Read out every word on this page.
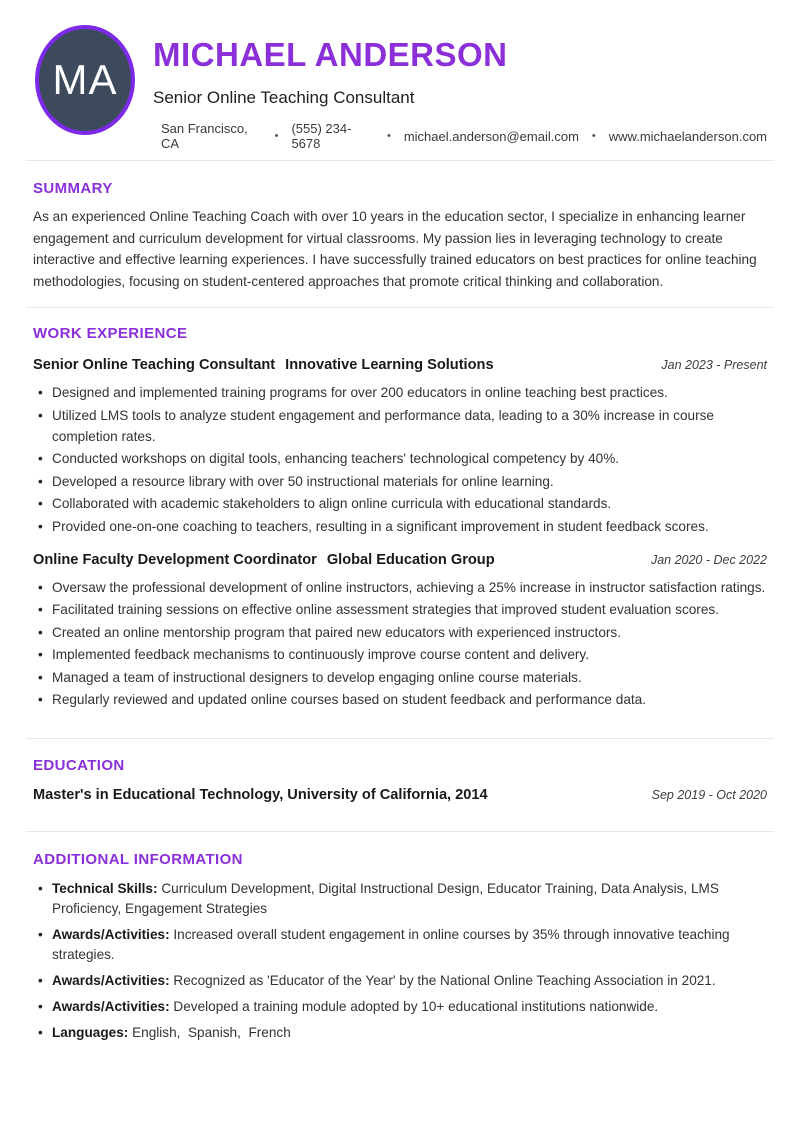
MA
MICHAEL ANDERSON
Senior Online Teaching Consultant
San Francisco, CA	• (555) 234-5678	• michael.anderson@email.com • www.michaelanderson.com
SUMMARY

As an experienced Online Teaching Coach with over 10 years in the education sector, I specialize in enhancing learner engagement and curriculum development for virtual classrooms. My passion lies in leveraging technology to create interactive and effective learning experiences. I have successfully trained educators on best practices for online teaching methodologies, focusing on student-centered approaches that promote critical thinking and collaboration.

WORK EXPERIENCE
Senior Online Teaching Consultant Innovative Learning Solutions	Jan 2023 - Present
• Designed and implemented training programs for over 200 educators in online teaching best practices.
• Utilized LMS tools to analyze student engagement and performance data, leading to a 30% increase in course completion rates.
• Conducted workshops on digital tools, enhancing teachers' technological competency by 40%.
• Developed a resource library with over 50 instructional materials for online learning.
• Collaborated with academic stakeholders to align online curricula with educational standards.
• Provided one-on-one coaching to teachers, resulting in a significant improvement in student feedback scores.
Online Faculty Development Coordinator Global Education Group	Jan 2020 - Dec 2022
• Oversaw the professional development of online instructors, achieving a 25% increase in instructor satisfaction ratings.
• Facilitated training sessions on effective online assessment strategies that improved student evaluation scores.
• Created an online mentorship program that paired new educators with experienced instructors.
• Implemented feedback mechanisms to continuously improve course content and delivery.
• Managed a team of instructional designers to develop engaging online course materials.
• Regularly reviewed and updated online courses based on student feedback and performance data.
EDUCATION
Master's in Educational Technology, University of California, 2014	Sep 2019 - Oct 2020
ADDITIONAL INFORMATION
• Technical Skills: Curriculum Development, Digital Instructional Design, Educator Training, Data Analysis, LMS Proficiency, Engagement Strategies
• Awards/Activities: Increased overall student engagement in online courses by 35% through innovative teaching strategies.
• Awards/Activities: Recognized as 'Educator of the Year' by the National Online Teaching Association in 2021.
• Awards/Activities: Developed a training module adopted by 10+ educational institutions nationwide.
• Languages: English,  Spanish,  French
